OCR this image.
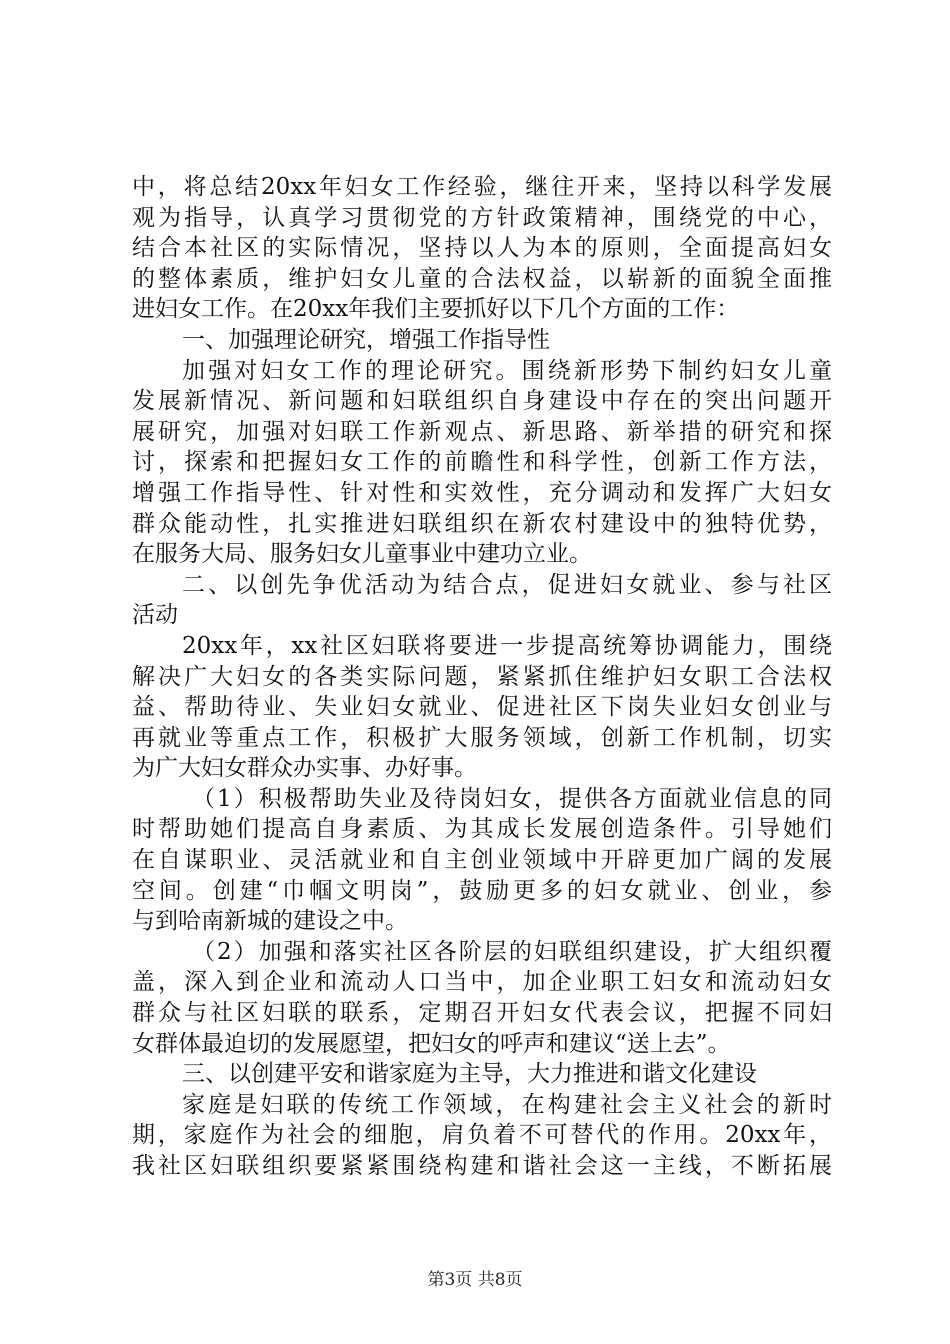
中，将总结20xx年妇女工作经验，继往开来，坚持以科学发展
观为指导，认真学习贯彻党的方针政策精神，围绕党的中心，
结合本社区的实际情况，坚持以人为本的原则，全面提高妇女
的整体素质，维护妇女儿童的合法权益，以崭新的面貌全面推
进妇女工作。在20xx年我们主要抓好以下几个方面的工作：
一、加强理论研究，增强工作指导性
加强对妇女工作的理论研究。围绕新形势下制约妇女儿童
发展新情况、新问题和妇联组织自身建设中存在的突出问题开
展研究，加强对妇联工作新观点、新思路、新举措的研究和探
讨，探索和把握妇女工作的前瞻性和科学性，创新工作方法，
增强工作指导性、针对性和实效性，充分调动和发挥广大妇女
群众能动性，扎实推进妇联组织在新农村建设中的独特优势，
在服务大局、服务妇女儿童事业中建功立业。
二、以创先争优活动为结合点，促进妇女就业、参与社区
活动
20xx年，xx社区妇联将要进一步提高统筹协调能力，围绕
解决广大妇女的各类实际问题，紧紧抓住维护妇女职工合法权
益、帮助待业、失业妇女就业、促进社区下岗失业妇女创业与
再就业等重点工作，积极扩大服务领域，创新工作机制，切实
为广大妇女群众办实事、办好事。
（1）积极帮助失业及待岗妇女，提供各方面就业信息的同
时帮助她们提高自身素质、为其成长发展创造条件。引导她们
在自谋职业、灵活就业和自主创业领域中开辟更加广阔的发展
空间。创建“巾帼文明岗”，鼓励更多的妇女就业、创业，参
与到哈南新城的建设之中。
（2）加强和落实社区各阶层的妇联组织建设，扩大组织覆
盖，深入到企业和流动人口当中，加企业职工妇女和流动妇女
群众与社区妇联的联系，定期召开妇女代表会议，把握不同妇
女群体最迫切的发展愿望，把妇女的呼声和建议“送上去”。
三、以创建平安和谐家庭为主导，大力推进和谐文化建设
家庭是妇联的传统工作领域，在构建社会主义社会的新时
期，家庭作为社会的细胞，肩负着不可替代的作用。20xx年，
我社区妇联组织要紧紧围绕构建和谐社会这一主线，不断拓展
第3页 共8页
